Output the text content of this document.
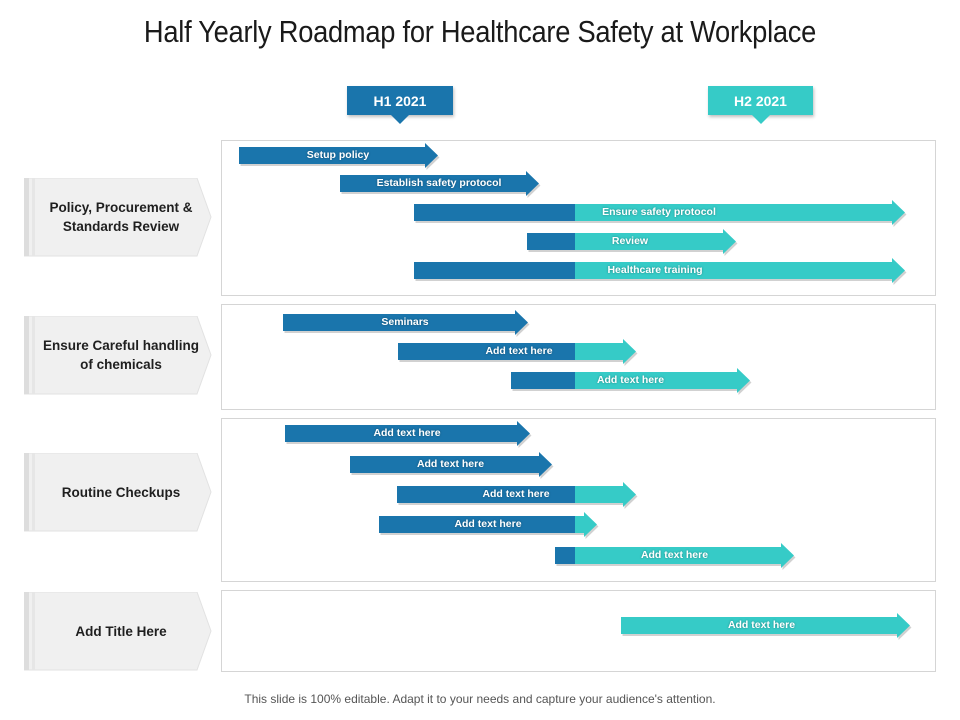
Half Yearly Roadmap for Healthcare Safety at Workplace
H1 2021	H2 2021
Policy, Procurement & Standards Review
Ensure Careful handling of chemicals
Routine Checkups
Add Title Here
Setup policy
Establish safety protocol
Ensure safety protocol
Review
Healthcare training
Seminars
Add text here
Add text here
Add text here
Add text here
Add text here
Add text here
Add text here
Add text here
This slide is 100% editable. Adapt it to your needs and capture your audience's attention.
